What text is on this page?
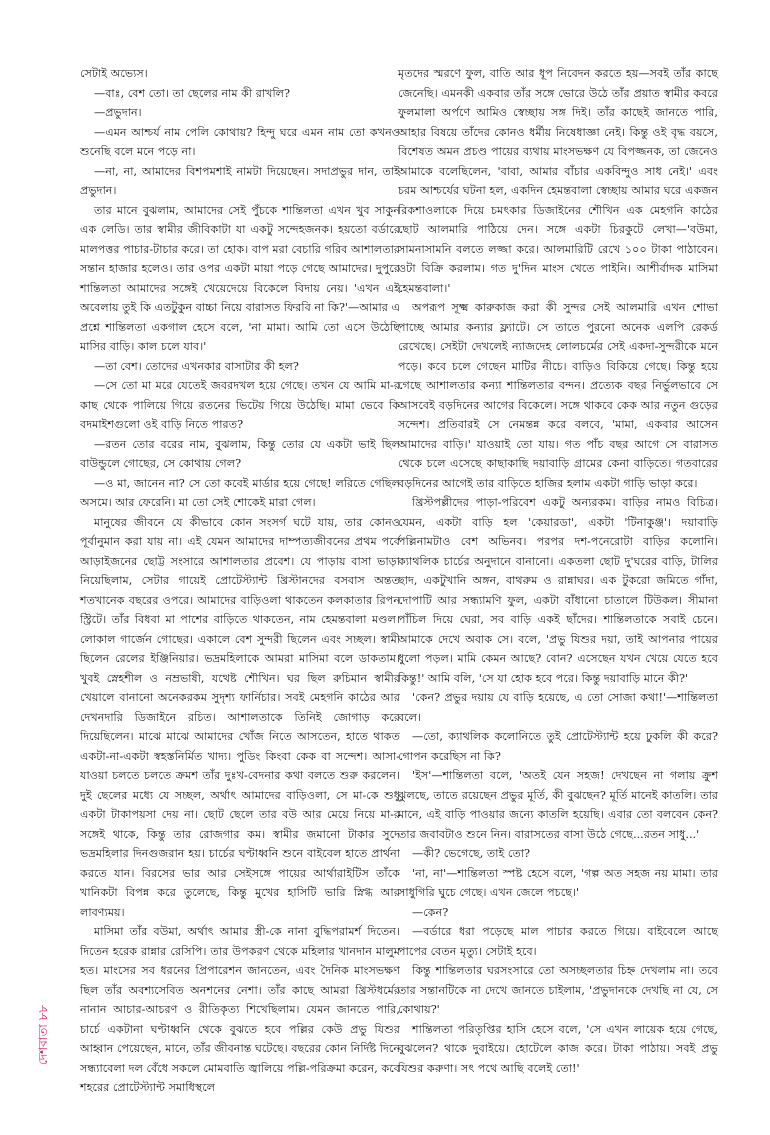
সেটাই অভ্যেস।

—বাঃ, বেশ তো। তা ছেলের নাম কী রাখলি?

—প্রভুদান।

—এমন আশ্চর্য নাম পেলি কোথায়? হিন্দু ঘরে এমন নাম তো কখনও শুনেছি বলে মনে পড়ে না।

—না, না, আমাদের বিশপমশাই নামটা দিয়েছেন। সদাপ্রভুর দান, তাই প্রভুদান।

তার মানে বুঝলাম, আমাদের সেই পুঁচকে শান্তিলতা এখন খুব সাকুন এক লেডি। তার স্বামীর জীবিকাটা যা একটু সন্দেহজনক। হয়তো বর্ডারে মালপত্তর পাচার-টাচার করে। তা হোক। বাপ মরা বেচারি গরিব আশালতার সন্তান হাজার হলেও। তার ওপর একটা মায়া পড়ে গেছে আমাদের। দুপুরে শান্তিলতা আমাদের সঙ্গেই খেয়েদেয়ে বিকেলে বিদায় নেয়। 'এখন এই অবেলায় তুই কি এতটুকুন বাচ্চা নিয়ে বারাসত ফিরবি না কি?'—আমার এ প্রশ্নে শান্তিলতা একগাল হেসে বলে, 'না মামা। আমি তো এসে উঠেছি মাসির বাড়ি। কাল চলে যাব।'

—তা বেশ। তোদের এখনকার বাসাটার কী হল?

—সে তো মা মরে যেতেই জবরদখল হয়ে গেছে। তখন যে আমি মা-র কাছ থেকে পালিয়ে গিয়ে রতনের ভিটেয় গিয়ে উঠেছি। মামা ভেবে কি বদমাইশগুলো ওই বাড়ি নিতে পারত?

—রতন তোর বরের নাম, বুঝলাম, কিন্তু তোর যে একটা ভাই ছিল বাউন্ডুলে গোছের, সে কোথায় গেল?

—ও মা, জানেন না? সে তো কবেই মার্ডার হয়ে গেছে! লরিতে গেছিল অসমে। আর ফেরেনি। মা তো সেই শোকেই মারা গেল।

মানুষের জীবনে যে কীভাবে কোন সংসর্গ ঘটে যায়, তার কোনও পূর্বানুমান করা যায় না। এই যেমন আমাদের দাম্পত্যজীবনের প্রথম পর্বে আড়াইজনের ছোট্ট সংসারে আশালতার প্রবেশ। যে পাড়ায় বাসা ভাড়া নিয়েছিলাম, সেটার গায়েই প্রোটেস্ট্যান্ট খ্রিস্টানদের বসবাস অন্তত শতখানেক বছরের ওপরে। আমাদের বাড়িওলা থাকতেন কলকাতার রিপন স্ট্রিটে। তাঁর বিধবা মা পাশের বাড়িতে থাকতেন, নাম হেমন্তবালা মণ্ডল। লোকাল গার্জেন গোছের। একালে বেশ সুন্দরী ছিলেন এবং সচ্ছল। স্বামী ছিলেন রেলের ইঞ্জিনিয়ার। ভদ্রমহিলাকে আমরা মাসিমা বলে ডাকতাম। খুবই স্নেহশীল ও নম্রভাষী, যথেষ্ট শৌখিন। ঘর ছিল রুচিমান স্বামীর খেয়ালে বানানো অনেকরকম সুদৃশ্য ফার্নিচার। সবই মেহগনি কাঠের আর দেখনদারি ডিজাইনে রচিত। আশালতাকে তিনিই জোগাড় করে দিয়েছিলেন। মাঝে মাঝে আমাদের খোঁজ নিতে আসতেন, হাতে থাকত একটা-না-একটা স্বহস্তনির্মিত খাদ্য। পুডিং কিংবা কেক বা সন্দেশ। আসা-যাওয়া চলতে চলতে ক্রমশ তাঁর দুঃখ-বেদনার কথা বলতে শুরু করলেন। দুই ছেলের মধ্যে যে সচ্ছল, অর্থাৎ আমাদের বাড়িওলা, সে মা-কে শুধু একটা টাকাপয়সা দেয় না। ছোট ছেলে তার বউ আর মেয়ে নিয়ে মা-র সঙ্গেই থাকে, কিন্তু তার রোজগার কম। স্বামীর জমানো টাকার সুদে ভদ্রমহিলার দিনগুজরান হয়। চার্চের ঘণ্টাধ্বনি শুনে বাইবেল হাতে প্রার্থনা করতে যান। বিরসের ভার আর সেইসঙ্গে পায়ের আর্থারাইটিস তাঁকে খানিকটা বিপন্ন করে তুলেছে, কিন্তু মুখের হাসিটি ভারি স্নিগ্ধ আর লাবণ্যময়।

মাসিমা তাঁর বউমা, অর্থাৎ আমার স্ত্রী-কে নানা বুদ্ধিপরামর্শ দিতেন। দিতেন হরেক রান্নার রেসিপি। তার উপকরণ থেকে মহিলার খানদান মালুম হত। মাংসের সব ধরনের প্রিপারেশন জানতেন, এবং দৈনিক মাংসভক্ষণ ছিল তাঁর অবশ্যসেবিত অনশনের নেশা। তাঁর কাছে আমরা খ্রিস্টধর্মের নানান আচার-আচরণ ও রীতিকৃত্য শিখেছিলাম। যেমন জানতে পারি, চার্চে একটানা ঘণ্টাধ্বনি থেকে বুঝতে হবে পল্লির কেউ প্রভু যিশুর আহ্বান পেয়েছেন, মানে, তাঁর জীবনান্ত ঘটেছে। বছরের কোন নির্দিষ্ট দিনে সন্ধ্যাবেলা দল বেঁধে সকলে মোমবাতি জ্বালিয়ে পল্লি-পরিক্রমা করেন, কবে শহরের প্রোটেস্ট্যান্ট সমাধিস্থলে

মৃতদের স্মরণে ফুল, বাতি আর ধূপ নিবেদন করতে হয়—সবই তাঁর কাছে জেনেছি। এমনকী একবার তাঁর সঙ্গে ভোরে উঠে তাঁর প্রয়াত স্বামীর কবরে ফুলমালা অর্পণে আমিও স্বেচ্ছায় সঙ্গ দিই। তাঁর কাছেই জানতে পারি, আহার বিষয়ে তাঁদের কোনও ধর্মীয় নিষেধাজ্ঞা নেই। কিন্তু ওই বৃদ্ধ বয়সে, বিশেষত অমন প্রচণ্ড পায়ের ব্যথায় মাংসভক্ষণ যে বিপজ্জনক, তা জেনেও আমাকে বলেছিলেন, 'বাবা, আমার বাঁচার একবিন্দুও সাধ নেই।' এবং চরম আশ্চর্যের ঘটনা হল, একদিন হেমন্তবালা স্বেচ্ছায় আমার ঘরে একজন রিকশাওলাকে দিয়ে চমৎকার ডিজাইনের শৌখিন এক মেহগনি কাঠের ছোট আলমারি পাঠিয়ে দেন। সঙ্গে একটা চিরকুটে লেখা—'বউমা, সামনাসামনি বলতে লজ্জা করে। আলমারিটি রেখে ১০০ টাকা পাঠাবেন। ওটা বিক্রি করলাম। গত দু'দিন মাংস খেতে পাইনি। আশীর্বাদক মাসিমা হেমন্তবালা।'

অপরূপ সূক্ষ্ম কারুকাজ করা কী সুন্দর সেই আলমারি এখন শোভা পাচ্ছে আমার কন্যার ফ্ল্যাটে। সে তাতে পুরনো অনেক এলপি রেকর্ড রেখেছে। সেইটা দেখলেই ন্যাজদেহ লোলচর্মের সেই একদা-সুন্দরীকে মনে পড়ে। কবে চলে গেছেন মাটির নীচে। বাড়িও বিকিয়ে গেছে। কিন্তু হয়ে গেছে আশালতার কন্যা শান্তিলতার বন্দন। প্রত্যেক বছর নির্ভুলভাবে সে আসবেই বড়দিনের আগের বিকেলে। সঙ্গে থাকবে কেক আর নতুন গুড়ের সন্দেশ। প্রতিবারই সে নেমন্তন্ন করে বলবে, 'মামা, একবার আসেন আমাদের বাড়ি।' যাওয়াই তো যায়। গত পাঁচ বছর আগে সে বারাসত থেকে চলে এসেছে কাছাকাছি দয়াবাড়ি গ্রামের কেনা বাড়িতে। গতবারের বড়দিনের আগেই তার বাড়িতে হাজির হলাম একটা গাড়ি ভাড়া করে।

খ্রিস্টপল্লীদের পাড়া-পরিবেশ একটু অন্যরকম। বাড়ির নামও বিচিত্র। যেমন, একটা বাড়ি হল 'কেয়ারডা', একটা 'টিনাকুঞ্জ'। দয়াবাড়ি পল্লিনামটাও বেশ অভিনব। পরপর দশ-পনেরোটা বাড়ির কলোনি। ক্যাথলিক চার্চের অনুদানে বানানো। একতলা ছোট দু'ঘরের বাড়ি, টালির ছাদ, একটুখানি অঙ্গন, বাথরুম ও রান্নাঘর। এক টুকরো জমিতে গাঁদা, দোপাটি আর সন্ধ্যামণি ফুল, একটা বাঁধানো চাতালে টিউকল। সীমানা পাঁচিল দিয়ে ঘেরা, সব বাড়ি একই ছাঁদের। শান্তিলতাকে সবাই চেনে। আমাকে দেখে অবাক সে। বলে, 'প্রভু যিশুর দয়া, তাই আপনার পায়ের ধুলো পড়ল। মামি কেমন আছে? বোন? এসেছেন যখন খেয়ে যেতে হবে কিন্তু!' আমি বলি, 'সে যা হোক হবে পরে। কিন্তু দয়াবাড়ি মানে কী?'

'কেন? প্রভুর দয়ায় যে বাড়ি হয়েছে, এ তো সোজা কথা!'—শান্তিলতা বলে।

—তো, ক্যাথলিক কলোনিতে তুই প্রোটেস্ট্যান্ট হয়ে ঢুকলি কী করে? গোপন করেছিস না কি?

'ইস'—শান্তিলতা বলে, 'অতই যেন সহজ! দেখছেন না গলায় ক্রুশ ঝুলছে, তাতে রয়েছেন প্রভুর মূর্তি, কী বুঝছেন? মূর্তি মানেই কাতলি। তার মানে, এই বাড়ি পাওয়ার জন্যে কাতলি হয়েছি। এবার তো বলবেন কেন? তার জবাবটাও শুনে নিন। বারাসতের বাসা উঠে গেছে...রতন সাধু...'

—কী? ভেগেছে, তাই তো?

'না, না'—শান্তিলতা স্পষ্ট হেসে বলে, 'গল্প অত সহজ নয় মামা। তার সাধুগিরি ঘুচে গেছে। এখন জেলে পচছে।'

—কেন?

—বর্ডারে ধরা পড়েছে মাল পাচার করতে গিয়ে। বাইবেলে আছে পাপের বেতন মৃত্যু। সেটাই হবে।

কিন্তু শান্তিলতার ঘরসংসারে তো অসচ্ছলতার চিহ্ন দেখলাম না। তবে তার সন্তানটিকে না দেখে জানতে চাইলাম, 'প্রভুদানকে দেখছি না যে, সে কোথায়?'

শান্তিলতা পরিতৃপ্তির হাসি হেসে বলে, 'সে এখন লায়েক হয়ে গেছে, বুঝলেন? থাকে দুবাইয়ে। হোটেলে কাজ করে। টাকা পাঠায়। সবই প্রভু যিশুর করুণা। সৎ পথে আছি বলেই তো!'

দেশবাতা ৮৮
